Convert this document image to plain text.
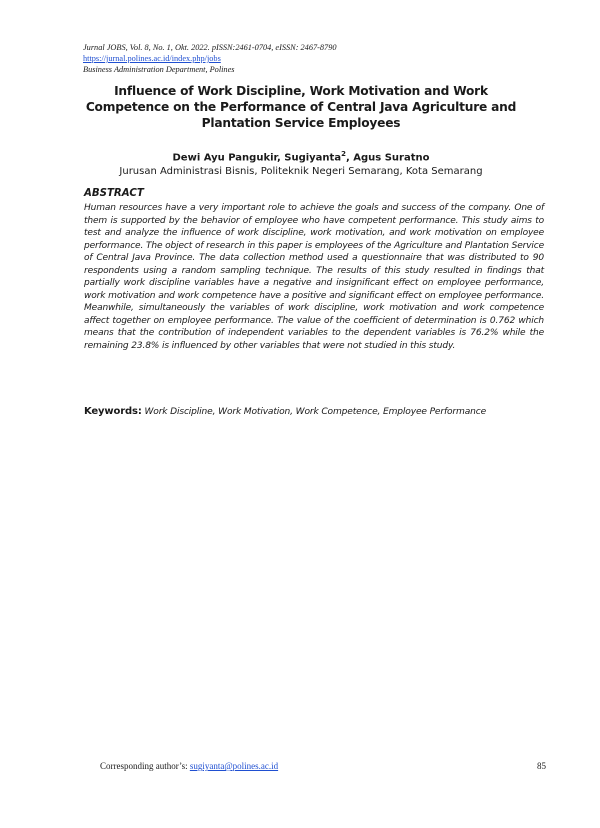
Jurnal JOBS, Vol. 8, No. 1, Okt. 2022. pISSN:2461-0704, eISSN: 2467-8790
https://jurnal.polines.ac.id/index.php/jobs
Business Administration Department, Polines
Influence of Work Discipline, Work Motivation and Work Competence on the Performance of Central Java Agriculture and Plantation Service Employees
Dewi Ayu Pangukir, Sugiyanta$^2$, Agus Suratno
Jurusan Administrasi Bisnis, Politeknik Negeri Semarang, Kota Semarang
ABSTRACT
Human resources have a very important role to achieve the goals and success of the company. One of them is supported by the behavior of employee who have competent performance. This study aims to test and analyze the influence of work discipline, work motivation, and work motivation on employee performance. The object of research in this paper is employees of the Agriculture and Plantation Service of Central Java Province. The data collection method used a questionnaire that was distributed to 90 respondents using a random sampling technique. The results of this study resulted in findings that partially work discipline variables have a negative and insignificant effect on employee performance, work motivation and work competence have a positive and significant effect on employee performance. Meanwhile, simultaneously the variables of work discipline, work motivation and work competence affect together on employee performance. The value of the coefficient of determination is 0.762 which means that the contribution of independent variables to the dependent variables is 76.2% while the remaining 23.8% is influenced by other variables that were not studied in this study.
Keywords: Work Discipline, Work Motivation, Work Competence, Employee Performance
Corresponding author’s: sugiyanta@polines.ac.id	85
